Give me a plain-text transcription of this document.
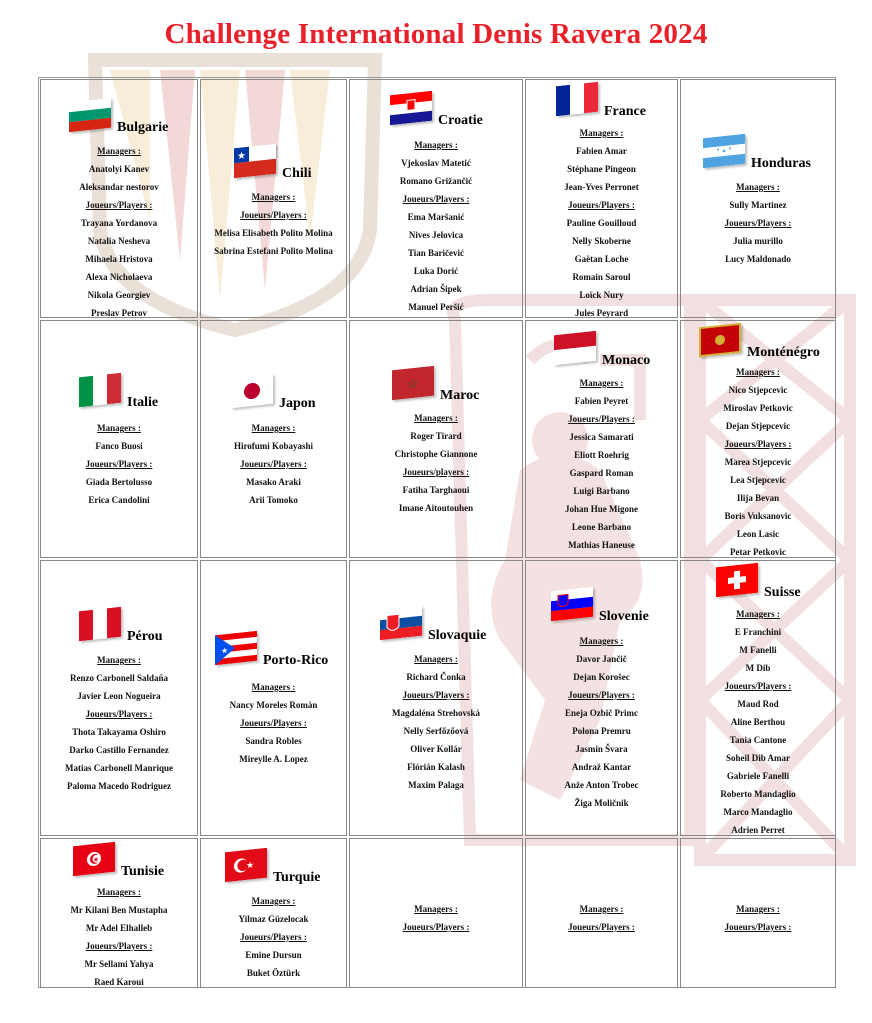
Challenge International Denis Ravera 2024
Bulgarie
Managers :
Anatolyi Kanev
Aleksandar nestorov
Joueurs/Players :
Trayana Yordanova
Natalia Nesheva
Mihaela Hristova
Alexa Nicholaeva
Nikola Georgiev
Preslav Petrov
★
Chili
Managers :
Joueurs/Players :
Melisa Elisabeth Polito Molina
Sabrina Estefani Polito Molina
Croatie
Managers :
Vjekoslav Matetić
Romano Grižančić
Joueurs/Players :
Ema Maršanić
Nives Jelovica
Tian Baričević
Luka Dorić
Adrian Šipek
Manuel Peršić
France
Managers :
Fabien Amar
Stéphane Pingeon
Jean-Yves Perronet
Joueurs/Players :
Pauline Gouilloud
Nelly Skoberne
Gaëtan Loche
Romain Saroul
Loïck Nury
Jules Peyrard
Honduras
Managers :
Sully Martinez
Joueurs/Players :
Julia murillo
Lucy Maldonado
Italie
Managers :
Fanco Buosi
Joueurs/Players :
Giada Bertolusso
Erica Candolini
Japon
Managers :
Hirofumi Kobayashi
Joueurs/Players :
Masako Araki
Arii Tomoko
☆
Maroc
Managers :
Roger Tirard
Christophe Giannone
Joueurs/players :
Fatiha Targhaoui
Imane Aitoutouhen
Monaco
Managers :
Fabien Peyret
Joueurs/Players :
Jessica Samarati
Eliott Roehrig
Gaspard Roman
Luigi Barbano
Johan Hue Migone
Leone Barbano
Mathias Haneuse
Monténégro
Managers :
Nico Stjepcevic
Miroslav Petkovic
Dejan Stjepcevic
Joueurs/Players :
Marea Stjepcevic
Lea Stjepcevic
Ilija Bevan
Boris Vuksanovic
Leon Lasic
Petar Petkovic
Pérou
Managers :
Renzo Carbonell Saldaña
Javier Leon Nogueira
Joueurs/Players :
Thota Takayama Oshiro
Darko Castillo Fernandez
Matias Carbonell Manrique
Paloma Macedo Rodriguez
★
Porto-Rico
Managers :
Nancy Moreles Romàn
Joueurs/Players :
Sandra Robles
Mireylle A. Lopez
Slovaquie
Managers :
Richard Čonka
Joueurs/Players :
Magdaléna Strehovská
Nelly Serfőzőová
Oliver Kollár
Flórián Kalash
Maxim Palaga
Slovenie
Managers :
Davor Jančič
Dejan Korošec
Joueurs/Players :
Eneja Ozbič Primc
Polona Premru
Jasmin Švara
Andraž Kantar
Anže Anton Trobec
Žiga Moličnik
Suisse
Managers :
E Franchini
M Fanelli
M Dib
Joueurs/Players :
Maud Rod
Aline Berthou
Tania Cantone
Soheil Dib Amar
Gabriele Fanelli
Roberto Mandaglio
Marco Mandaglio
Adrien Perret
★
Tunisie
Managers :
Mr Kilani Ben Mustapha
Mr Adel Elhalleb
Joueurs/Players :
Mr Sellami Yahya
Raed Karoui
★
Turquie
Managers :
Yilmaz Güzelocak
Joueurs/Players :
Emine Dursun
Buket Öztürk
Managers :
Joueurs/Players :
Managers :
Joueurs/Players :
Managers :
Joueurs/Players :
